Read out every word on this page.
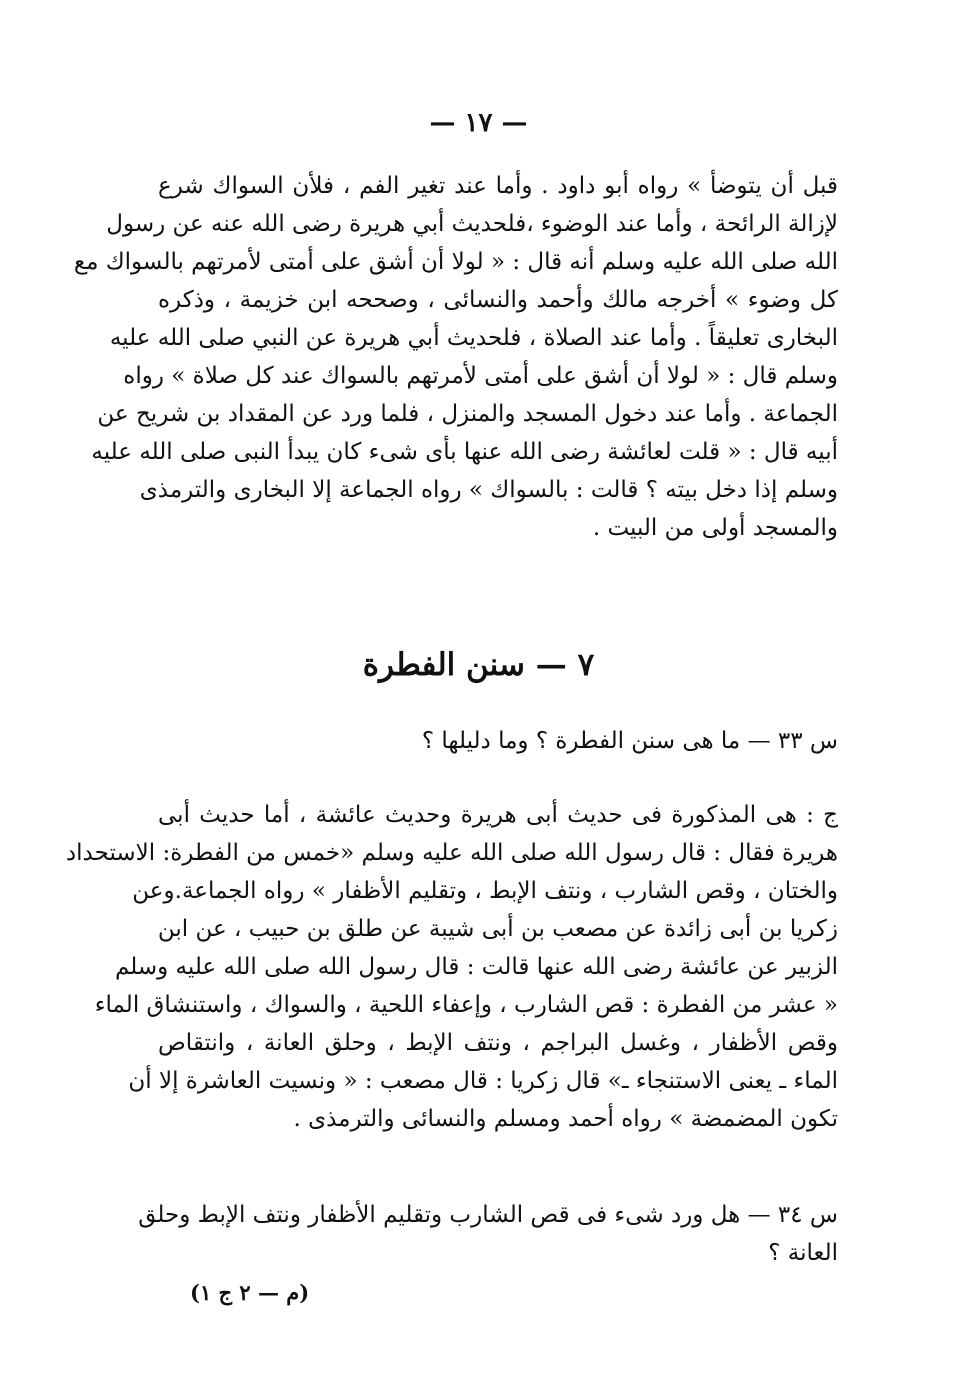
— ١٧ —
قبل أن يتوضأ » رواه أبو داود . وأما عند تغير الفم ، فلأن السواك شرع
لإزالة الرائحة ، وأما عند الوضوء ،فلحديث أبي هريرة رضى الله عنه عن رسول
الله صلى الله عليه وسلم أنه قال : « لولا أن أشق على أمتى لأمرتهم بالسواك مع
كل وضوء » أخرجه مالك وأحمد والنسائى ، وصححه ابن خزيمة ، وذكره
البخارى تعليقاً . وأما عند الصلاة ، فلحديث أبي هريرة عن النبي صلى الله عليه
وسلم قال : « لولا أن أشق على أمتى لأمرتهم بالسواك عند كل صلاة » رواه
الجماعة . وأما عند دخول المسجد والمنزل ، فلما ورد عن المقداد بن شريح عن
أبيه قال : « قلت لعائشة رضى الله عنها بأى شىء كان يبدأ النبى صلى الله عليه
وسلم إذا دخل بيته ؟ قالت : بالسواك » رواه الجماعة إلا البخارى والترمذى
والمسجد أولى من البيت .
٧ — سنن الفطرة
س ٣٣ — ما هى سنن الفطرة ؟ وما دليلها ؟
ج : هى المذكورة فى حديث أبى هريرة وحديث عائشة ، أما حديث أبى
هريرة فقال : قال رسول الله صلى الله عليه وسلم «خمس من الفطرة: الاستحداد
والختان ، وقص الشارب ، ونتف الإبط ، وتقليم الأظفار » رواه الجماعة.وعن
زكريا بن أبى زائدة عن مصعب بن أبى شيبة عن طلق بن حبيب ، عن ابن
الزبير عن عائشة رضى الله عنها قالت : قال رسول الله صلى الله عليه وسلم
« عشر من الفطرة : قص الشارب ، وإعفاء اللحية ، والسواك ، واستنشاق الماء
وقص الأظفار ، وغسل البراجم ، ونتف الإبط ، وحلق العانة ، وانتقاص
الماء ـ يعنى الاستنجاء ـ» قال زكريا : قال مصعب : « ونسيت العاشرة إلا أن
تكون المضمضة » رواه أحمد ومسلم والنسائى والترمذى .
س ٣٤ — هل ورد شىء فى قص الشارب وتقليم الأظفار ونتف الإبط وحلق
العانة ؟
(م — ٢ ج ١)
